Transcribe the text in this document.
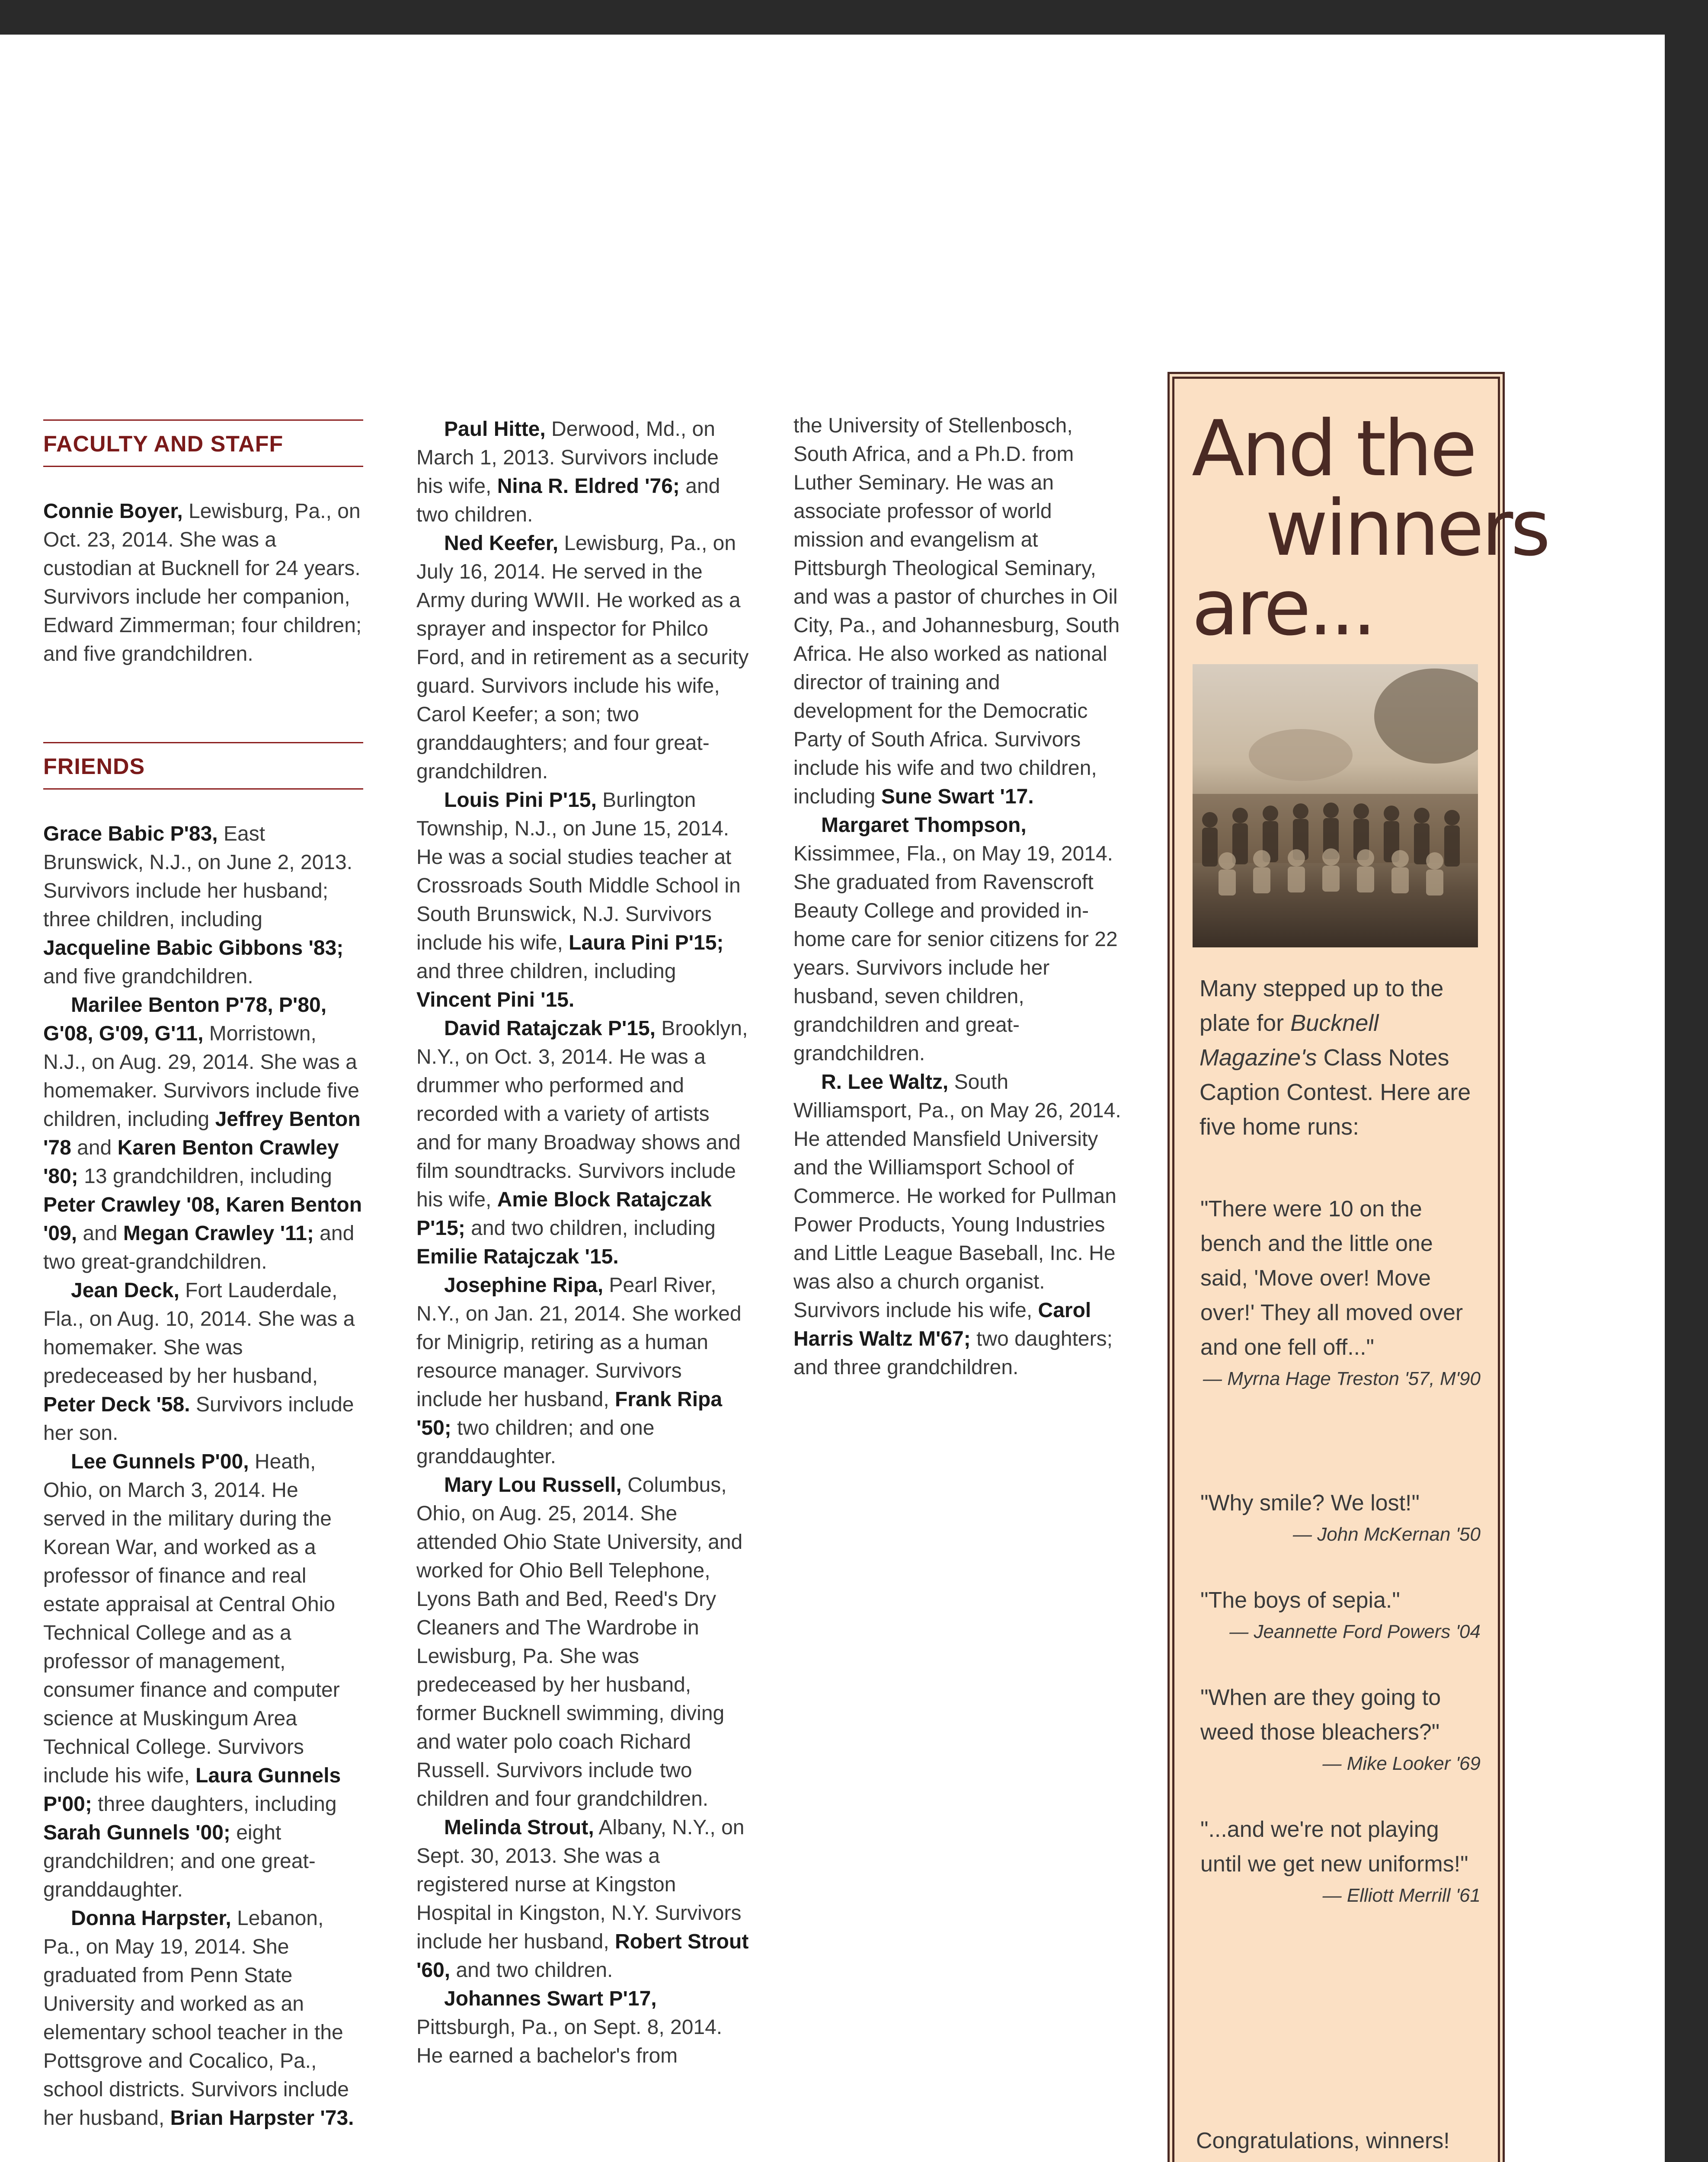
FACULTY AND STAFF

Connie Boyer, Lewisburg, Pa., on Oct. 23, 2014. She was a custodian at Bucknell for 24 years. Survivors include her companion, Edward Zimmerman; four children; and five grandchildren.

FRIENDS

Grace Babic P'83, East Brunswick, N.J., on June 2, 2013. Survivors include her husband; three children, including Jacqueline Babic Gibbons '83; and five grandchildren.

Marilee Benton P'78, P'80, G'08, G'09, G'11, Morristown, N.J., on Aug. 29, 2014. She was a homemaker. Survivors include five children, including Jeffrey Benton '78 and Karen Benton Crawley '80; 13 grandchildren, including Peter Crawley '08, Karen Benton '09, and Megan Crawley '11; and two great-grandchildren.

Jean Deck, Fort Lauderdale, Fla., on Aug. 10, 2014. She was a homemaker. She was predeceased by her husband, Peter Deck '58. Survivors include her son.

Lee Gunnels P'00, Heath, Ohio, on March 3, 2014. He served in the military during the Korean War, and worked as a professor of finance and real estate appraisal at Central Ohio Technical College and as a professor of management, consumer finance and computer science at Muskingum Area Technical College. Survivors include his wife, Laura Gunnels P'00; three daughters, including Sarah Gunnels '00; eight grandchildren; and one great-granddaughter.

Donna Harpster, Lebanon, Pa., on May 19, 2014. She graduated from Penn State University and worked as an elementary school teacher in the Pottsgrove and Cocalico, Pa., school districts. Survivors include her husband, Brian Harpster '73.

Paul Hitte, Derwood, Md., on March 1, 2013. Survivors include his wife, Nina R. Eldred '76; and two children.

Ned Keefer, Lewisburg, Pa., on July 16, 2014. He served in the Army during WWII. He worked as a sprayer and inspector for Philco Ford, and in retirement as a security guard. Survivors include his wife, Carol Keefer; a son; two granddaughters; and four great-grandchildren.

Louis Pini P'15, Burlington Township, N.J., on June 15, 2014. He was a social studies teacher at Crossroads South Middle School in South Brunswick, N.J. Survivors include his wife, Laura Pini P'15; and three children, including Vincent Pini '15.

David Ratajczak P'15, Brooklyn, N.Y., on Oct. 3, 2014. He was a drummer who performed and recorded with a variety of artists and for many Broadway shows and film soundtracks. Survivors include his wife, Amie Block Ratajczak P'15; and two children, including Emilie Ratajczak '15.

Josephine Ripa, Pearl River, N.Y., on Jan. 21, 2014. She worked for Minigrip, retiring as a human resource manager. Survivors include her husband, Frank Ripa '50; two children; and one granddaughter.

Mary Lou Russell, Columbus, Ohio, on Aug. 25, 2014. She attended Ohio State University, and worked for Ohio Bell Telephone, Lyons Bath and Bed, Reed's Dry Cleaners and The Wardrobe in Lewisburg, Pa. She was predeceased by her husband, former Bucknell swimming, diving and water polo coach Richard Russell. Survivors include two children and four grandchildren.

Melinda Strout, Albany, N.Y., on Sept. 30, 2013. She was a registered nurse at Kingston Hospital in Kingston, N.Y. Survivors include her husband, Robert Strout '60, and two children.

Johannes Swart P'17, Pittsburgh, Pa., on Sept. 8, 2014. He earned a bachelor's from

the University of Stellenbosch, South Africa, and a Ph.D. from Luther Seminary. He was an associate professor of world mission and evangelism at Pittsburgh Theological Seminary, and was a pastor of churches in Oil City, Pa., and Johannesburg, South Africa. He also worked as national director of training and development for the Democratic Party of South Africa. Survivors include his wife and two children, including Sune Swart '17.

Margaret Thompson, Kissimmee, Fla., on May 19, 2014. She graduated from Ravenscroft Beauty College and provided in-home care for senior citizens for 22 years. Survivors include her husband, seven children, grandchildren and great-grandchildren.

R. Lee Waltz, South Williamsport, Pa., on May 26, 2014. He attended Mansfield University and the Williamsport School of Commerce. He worked for Pullman Power Products, Young Industries and Little League Baseball, Inc. He was also a church organist. Survivors include his wife, Carol Harris Waltz M'67; two daughters; and three grandchildren.

And the
winners
are...
Many stepped up to the plate for Bucknell Magazine's Class Notes Caption Contest. Here are five home runs:
"There were 10 on the bench and the little one said, 'Move over! Move over!' They all moved over and one fell off..."
— Myrna Hage Treston '57, M'90
"Why smile? We lost!"
— John McKernan '50
"The boys of sepia."
— Jeannette Ford Powers '04
"When are they going to weed those bleachers?"
— Mike Looker '69
"...and we're not playing until we get new uniforms!"
— Elliott Merrill '61
Congratulations, winners!
